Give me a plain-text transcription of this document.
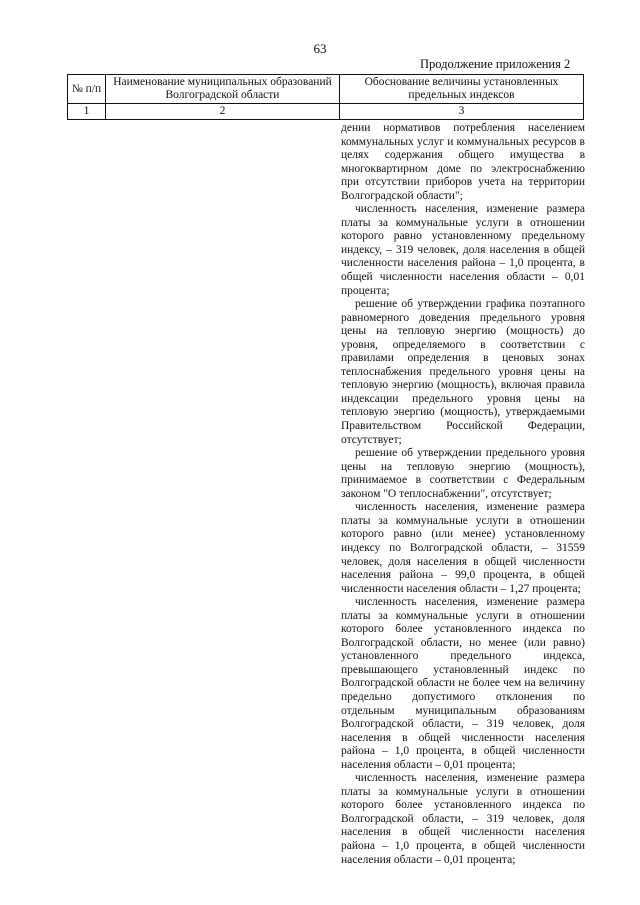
63
Продолжение приложения 2
№ п/п	Наименование муниципальных образований Волгоградской области	Обоснование величины установленных предельных индексов
1	2	3

дении нормативов потребления населением коммунальных услуг и коммунальных ресурсов в целях содержания общего имущества в многоквартирном доме по электроснабжению при отсутствии приборов учета на территории Волгоградской области";

численность населения, изменение размера платы за коммунальные услуги в отношении которого равно установленному предельному индексу, – 319 человек, доля населения в общей численности населения района – 1,0 процента, в общей численности населения области – 0,01 процента;

решение об утверждении графика поэтапного равномерного доведения предельного уровня цены на тепловую энергию (мощность) до уровня, определяемого в соответствии с правилами определения в ценовых зонах теплоснабжения предельного уровня цены на тепловую энергию (мощность), включая правила индексации предельного уровня цены на тепловую энергию (мощность), утверждаемыми Правительством Российской Федерации, отсутствует;

решение об утверждении предельного уровня цены на тепловую энергию (мощность), принимаемое в соответствии с Федеральным законом "О теплоснабжении", отсутствует;

численность населения, изменение размера платы за коммунальные услуги в отношении которого равно (или менее) установленному индексу по Волгоградской области, – 31559 человек, доля населения в общей численности населения района – 99,0 процента, в общей численности населения области – 1,27 процента;

численность населения, изменение размера платы за коммунальные услуги в отношении которого более установленного индекса по Волгоградской области, но менее (или равно) установленного предельного индекса, превышающего установленный индекс по Волгоградской области не более чем на величину предельно допустимого отклонения по отдельным муниципальным образованиям Волгоградской области, – 319 человек, доля населения в общей численности населения района – 1,0 процента, в общей численности населения области – 0,01 процента;

численность населения, изменение размера платы за коммунальные услуги в отношении которого более установленного индекса по Волгоградской области, – 319 человек, доля населения в общей численности населения района – 1,0 процента, в общей численности населения области – 0,01 процента;
